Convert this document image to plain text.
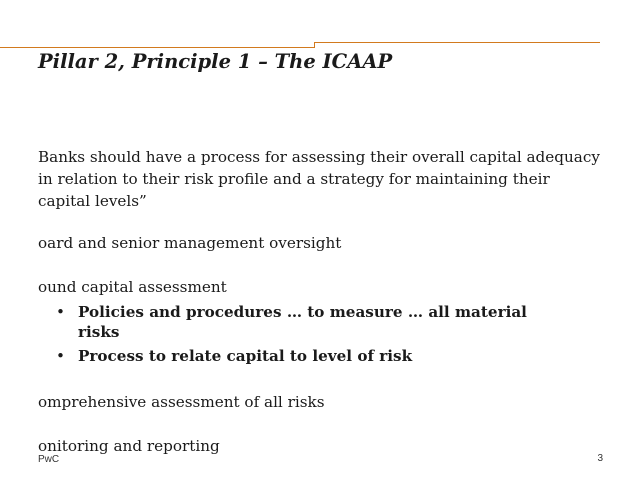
Pillar 2, Principle 1 – The ICAAP
Banks should have a process for assessing their overall capital adequacy
in relation to their risk profile and a strategy for maintaining their
capital levels”
oard and senior management oversight
ound capital assessment
• Policies and procedures … to measure … all material
risks
• Process to relate capital to level of risk
omprehensive assessment of all risks
onitoring and reporting
PwC	3
